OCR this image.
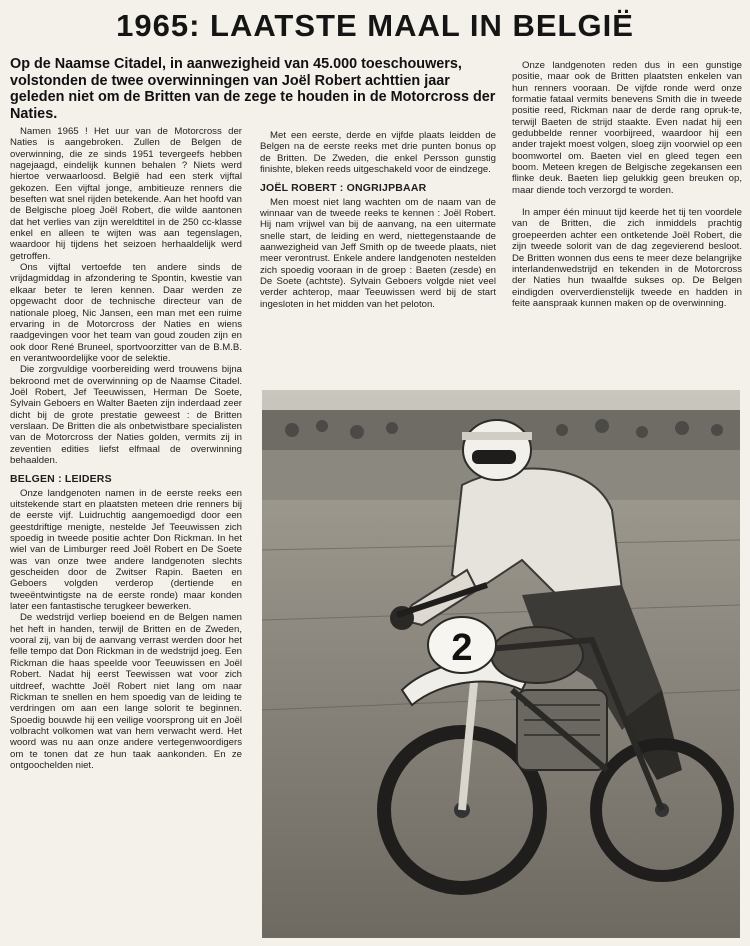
1965: LAATSTE MAAL IN BELGIË
Op de Naamse Citadel, in aanwezigheid van 45.000 toeschouwers, volstonden de twee overwinningen van Joël Robert achttien jaar geleden niet om de Britten van de zege te houden in de Motorcross der Naties.

Namen 1965 ! Het uur van de Motorcross der Naties is aangebroken. Zullen de Belgen de overwinning, die ze sinds 1951 tevergeefs hebben nagejaagd, eindelijk kunnen behalen ? Niets werd hiertoe verwaarloosd. België had een sterk vijftal gekozen. Een vijftal jonge, ambitieuze renners die beseften wat snel rijden betekende. Aan het hoofd van de Belgische ploeg Joël Robert, die wilde aantonen dat het verlies van zijn wereldtitel in de 250 cc-klasse enkel en alleen te wijten was aan tegenslagen, waardoor hij tijdens het seizoen herhaaldelijk werd getroffen.

Ons vijftal vertoefde ten andere sinds de vrijdagmiddag in afzondering te Spontin, kwestie van elkaar beter te leren kennen. Daar werden ze opgewacht door de technische directeur van de nationale ploeg, Nic Jansen, een man met een ruime ervaring in de Motorcross der Naties en wiens raadgevingen voor het team van goud zouden zijn en ook door René Bruneel, sportvoorzitter van de B.M.B. en verantwoordelijke voor de selektie.

Die zorgvuldige voorbereiding werd trouwens bijna bekroond met de overwinning op de Naamse Citadel. Joël Robert, Jef Teeuwissen, Herman De Soete, Sylvain Geboers en Walter Baeten zijn inderdaad zeer dicht bij de grote prestatie geweest : de Britten verslaan. De Britten die als onbetwistbare specialisten van de Motorcross der Naties golden, vermits zij in zeventien edities liefst elfmaal de overwinning behaalden.

BELGEN : LEIDERS

Onze landgenoten namen in de eerste reeks een uitstekende start en plaatsten meteen drie renners bij de eerste vijf. Luidruchtig aangemoedigd door een geestdriftige menigte, nestelde Jef Teeuwissen zich spoedig in tweede positie achter Don Rickman. In het wiel van de Limburger reed Joël Robert en De Soete was van onze twee andere landgenoten slechts gescheiden door de Zwitser Rapin. Baeten en Geboers volgden verderop (dertiende en tweeëntwintigste na de eerste ronde) maar konden later een fantastische terugkeer bewerken.

De wedstrijd verliep boeiend en de Belgen namen het heft in handen, terwijl de Britten en de Zweden, vooral zij, van bij de aanvang verrast werden door het felle tempo dat Don Rickman in de wedstrijd joeg. Een Rickman die haas speelde voor Teeuwissen en Joël Robert. Nadat hij eerst Teewissen wat voor zich uitdreef, wachtte Joël Robert niet lang om naar Rickman te snellen en hem spoedig van de leiding te verdringen om aan een lange solorit te beginnen. Spoedig bouwde hij een veilige voorsprong uit en Joël volbracht volkomen wat van hem verwacht werd. Het woord was nu aan onze andere vertegenwoordigers om te tonen dat ze hun taak aankonden. En ze ontgoochelden niet.

Met een eerste, derde en vijfde plaats leidden de Belgen na de eerste reeks met drie punten bonus op de Britten. De Zweden, die enkel Persson gunstig finishte, bleken reeds uitgeschakeld voor de eindzege.

JOËL ROBERT : ONGRIJPBAAR

Men moest niet lang wachten om de naam van de winnaar van de tweede reeks te kennen : Joël Robert. Hij nam vrijwel van bij de aanvang, na een uitermate snelle start, de leiding en werd, niettegenstaande de aanwezigheid van Jeff Smith op de tweede plaats, niet meer verontrust. Enkele andere landgenoten nestelden zich spoedig vooraan in de groep : Baeten (zesde) en De Soete (achtste). Sylvain Geboers volgde niet veel verder achterop, maar Teeuwissen werd bij de start ingesloten in het midden van het peloton.

Onze landgenoten reden dus in een gunstige positie, maar ook de Britten plaatsten enkelen van hun renners vooraan. De vijfde ronde werd onze formatie fataal vermits benevens Smith die in tweede positie reed, Rickman naar de derde rang opruk-te, terwijl Baeten de strijd staakte. Even nadat hij een gedubbelde renner voorbijreed, waardoor hij een ander trajekt moest volgen, sloeg zijn voorwiel op een boomwortel om. Baeten viel en gleed tegen een boom. Meteen kregen de Belgische zegekansen een flinke deuk. Baeten liep gelukkig geen breuken op, maar diende toch verzorgd te worden.

In amper één minuut tijd keerde het tij ten voordele van de Britten, die zich inmiddels prachtig groepeerden achter een ontketende Joël Robert, die zijn tweede solorit van de dag zegevierend besloot. De Britten wonnen dus eens te meer deze belangrijke interlandenwedstrijd en tekenden in de Motorcross der Naties hun twaalfde sukses op. De Belgen eindigden oververdienstelijk tweede en hadden in feite aanspraak kunnen maken op de overwinning.

2
